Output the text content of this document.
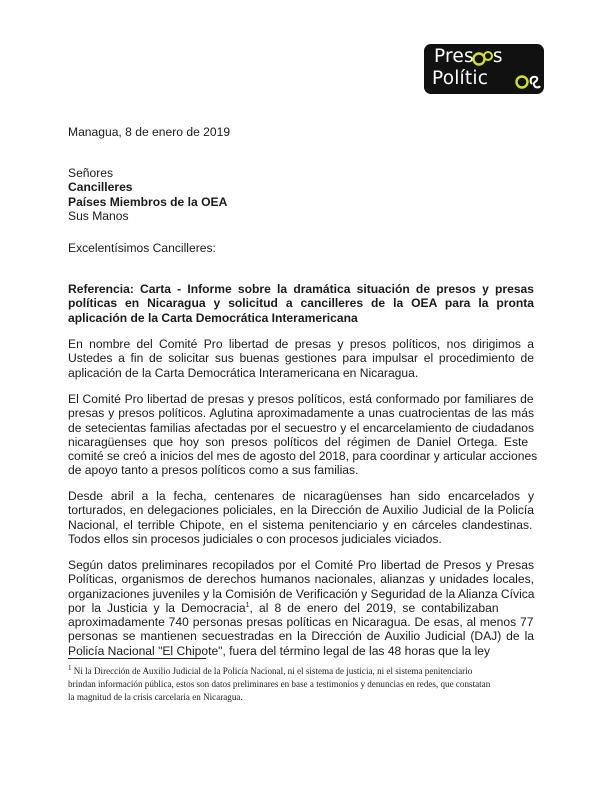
Pres s
Polític
Managua, 8 de enero de 2019
Señores
Cancilleres
Países Miembros de la OEA
Sus Manos
Excelentísimos Cancilleres:
Referencia: Carta - Informe sobre la dramática situación de presos y presas
políticas en Nicaragua y solicitud a cancilleres de la OEA para la pronta
aplicación de la Carta Democrática Interamericana
En nombre del Comité Pro libertad de presas y presos políticos, nos dirigimos a
Ustedes a fin de solicitar sus buenas gestiones para impulsar el procedimiento de
aplicación de la Carta Democrática Interamericana en Nicaragua.
El Comité Pro libertad de presas y presos políticos, está conformado por familiares de
presas y presos políticos. Aglutina aproximadamente a unas cuatrocientas de las más
de setecientas familias afectadas por el secuestro y el encarcelamiento de ciudadanos
nicaragüenses que hoy son presos políticos del régimen de Daniel Ortega. Este
comité se creó a inicios del mes de agosto del 2018, para coordinar y articular acciones
de apoyo tanto a presos políticos como a sus familias.
Desde abril a la fecha, centenares de nicaragüenses han sido encarcelados y
torturados, en delegaciones policiales, en la Dirección de Auxilio Judicial de la Policía
Nacional, el terrible Chipote, en el sistema penitenciario y en cárceles clandestinas.
Todos ellos sin procesos judiciales o con procesos judiciales viciados.
Según datos preliminares recopilados por el Comité Pro libertad de Presos y Presas
Políticas, organismos de derechos humanos nacionales, alianzas y unidades locales,
organizaciones juveniles y la Comisión de Verificación y Seguridad de la Alianza Cívica
por la Justicia y la Democracia$^1$, al 8 de enero del 2019, se contabilizaban
aproximadamente 740 personas presas políticas en Nicaragua. De esas, al menos 77
personas se mantienen secuestradas en la Dirección de Auxilio Judicial (DAJ) de la
Policía Nacional "El Chipote", fuera del término legal de las 48 horas que la ley
$^1$ Ni la Dirección de Auxilio Judicial de la Policía Nacional, ni el sistema de justicia, ni el sistema penitenciario
brindan información pública, estos son datos preliminares en base a testimonios y denuncias en redes, que constatan
la magnitud de la crisis carcelaria en Nicaragua.
